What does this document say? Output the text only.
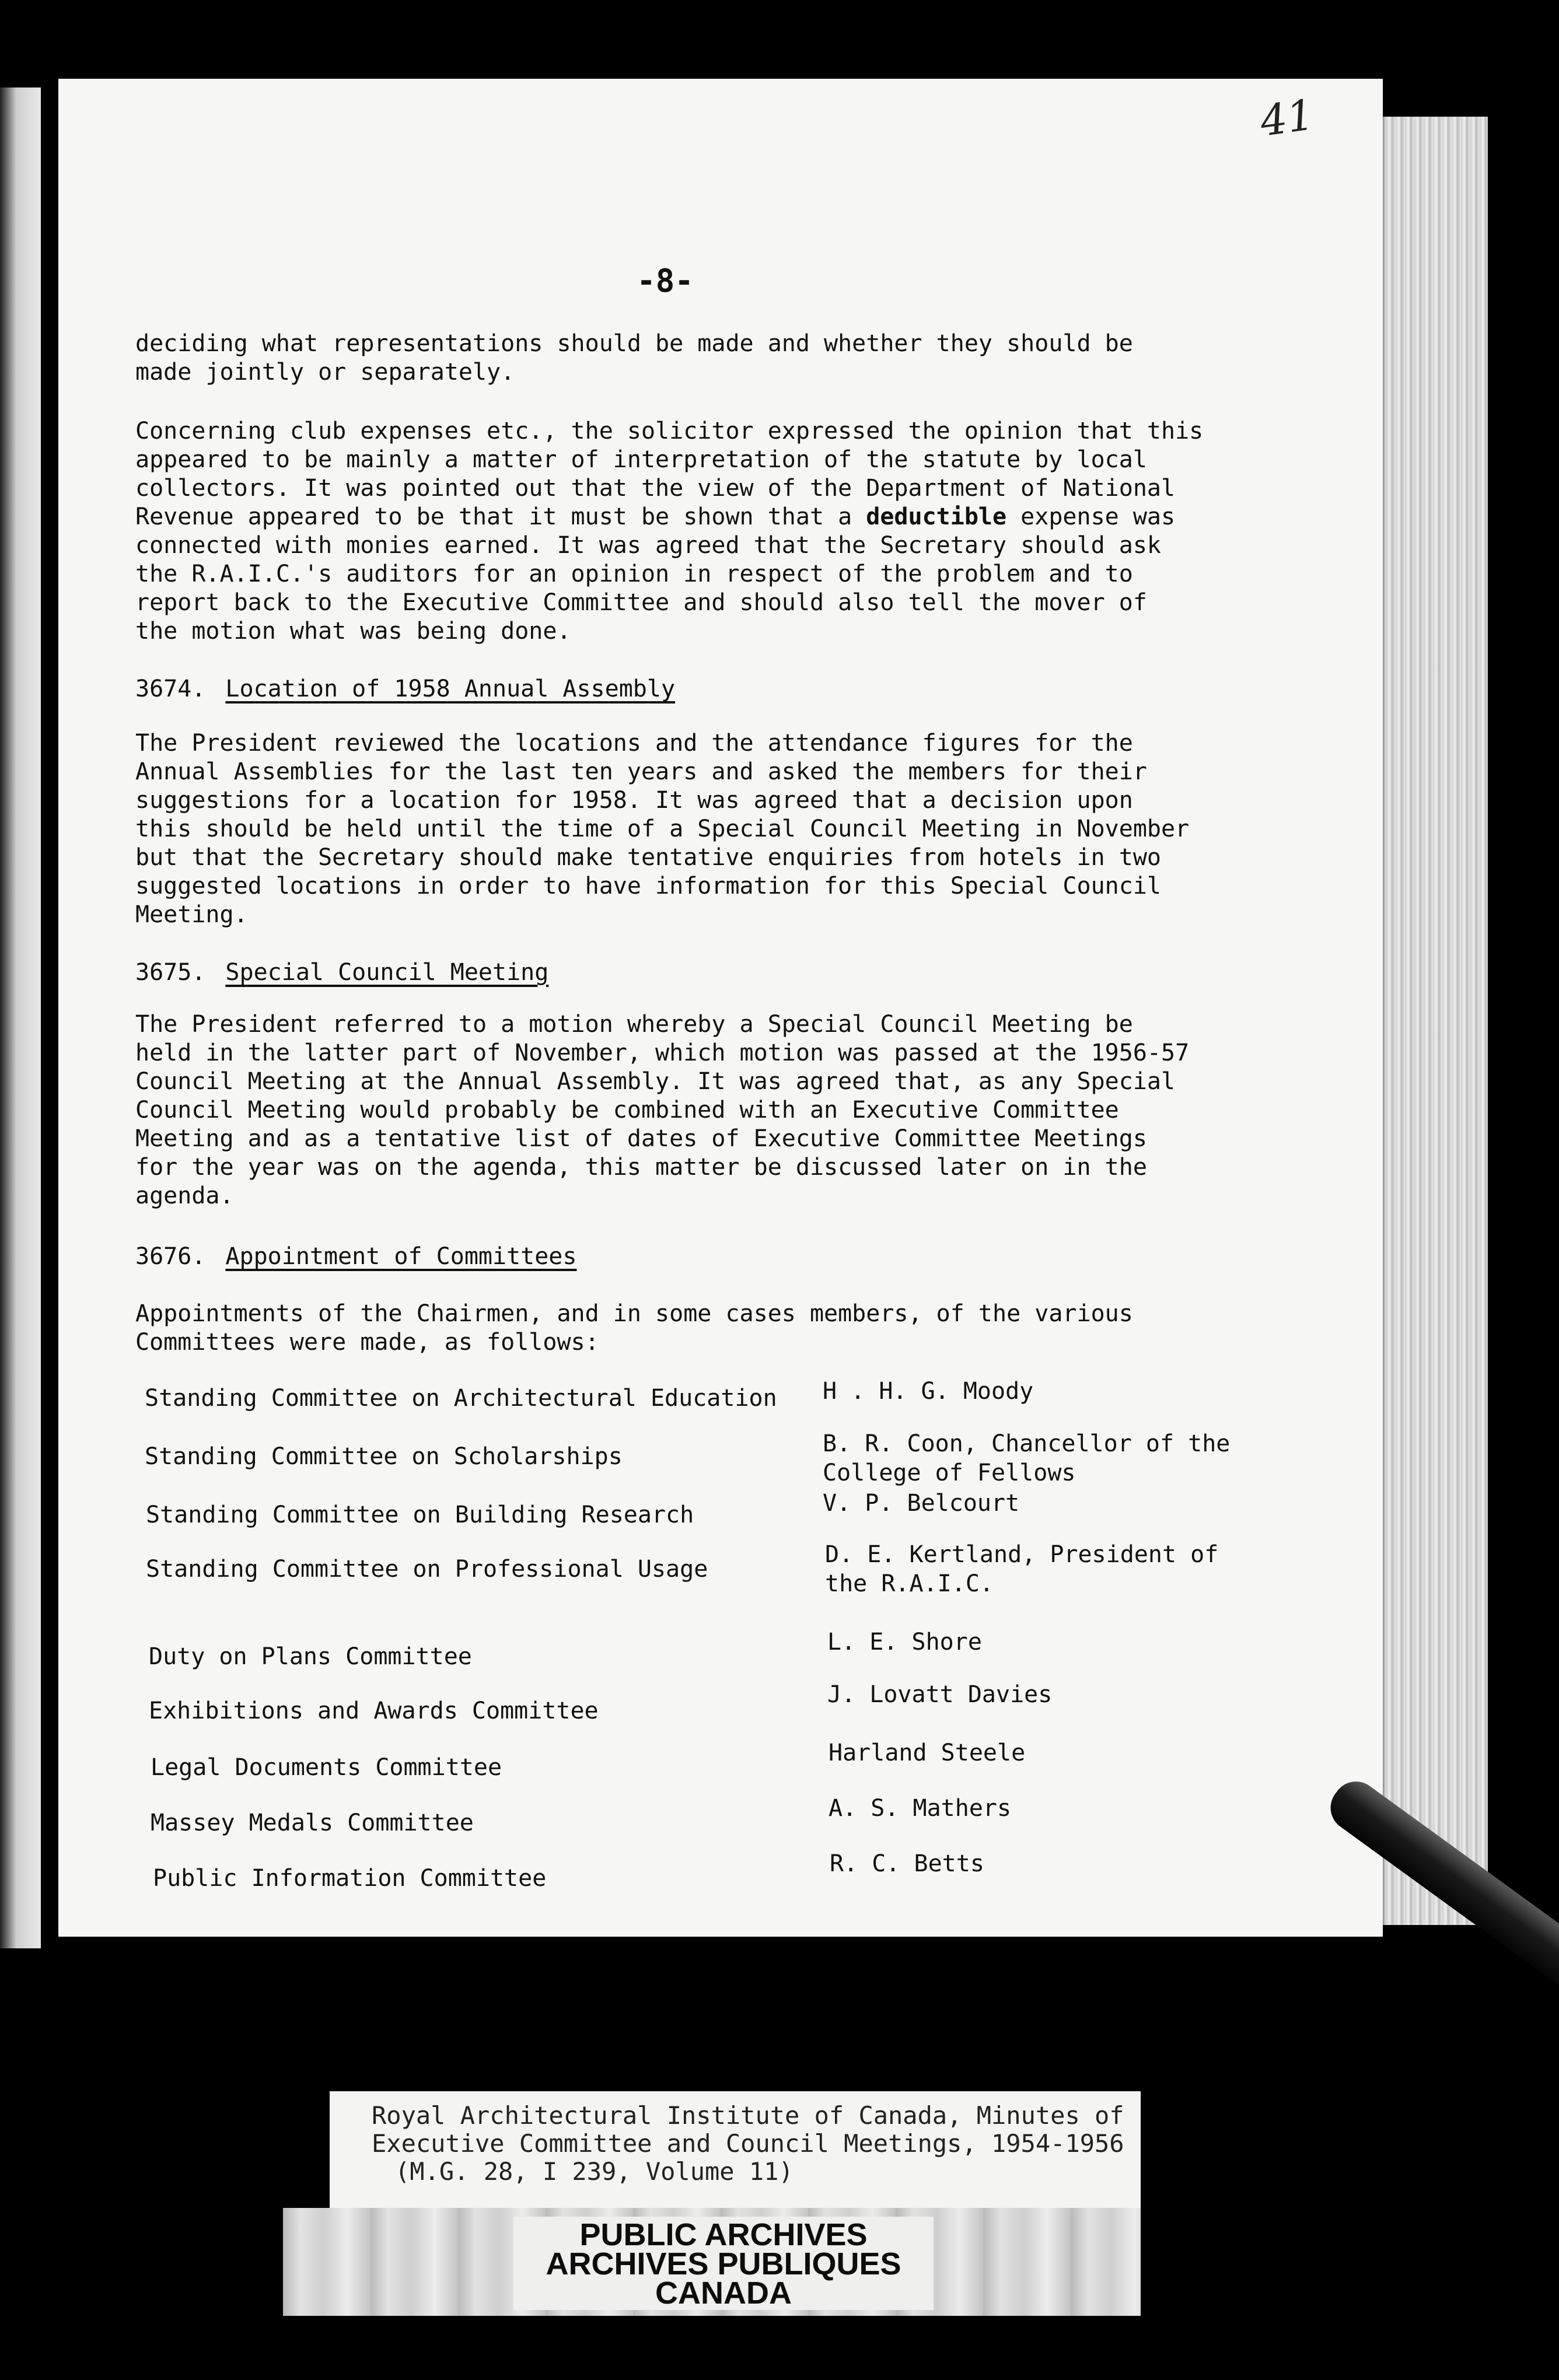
41
-8-

deciding what representations should be made and whether they should be

made jointly or separately.

Concerning club expenses etc., the solicitor expressed the opinion that this

appeared to be mainly a matter of interpretation of the statute by local

collectors. It was pointed out that the view of the Department of National

Revenue appeared to be that it must be shown that a deductible expense was

connected with monies earned. It was agreed that the Secretary should ask

the R.A.I.C.'s auditors for an opinion in respect of the problem and to

report back to the Executive Committee and should also tell the mover of

the motion what was being done.

3674. Location of 1958 Annual Assembly

The President reviewed the locations and the attendance figures for the

Annual Assemblies for the last ten years and asked the members for their

suggestions for a location for 1958. It was agreed that a decision upon

this should be held until the time of a Special Council Meeting in November

but that the Secretary should make tentative enquiries from hotels in two

suggested locations in order to have information for this Special Council

Meeting.

3675. Special Council Meeting

The President referred to a motion whereby a Special Council Meeting be

held in the latter part of November, which motion was passed at the 1956-57

Council Meeting at the Annual Assembly. It was agreed that, as any Special

Council Meeting would probably be combined with an Executive Committee

Meeting and as a tentative list of dates of Executive Committee Meetings

for the year was on the agenda, this matter be discussed later on in the

agenda.

3676. Appointment of Committees

Appointments of the Chairmen, and in some cases members, of the various

Committees were made, as follows:

Standing Committee on Architectural Education H . H. G. Moody
Standing Committee on Scholarships	B. R. Coon, Chancellor of the College of Fellows
Standing Committee on Building Research	V. P. Belcourt
Standing Committee on Professional Usage
D. E. Kertland, President of the R.A.I.C.
Duty on Plans Committee
L. E. Shore
Exhibitions and Awards Committee
J. Lovatt Davies
Legal Documents Committee
Harland Steele
Massey Medals Committee
A. S. Mathers
Public Information Committee
R. C. Betts
Royal Architectural Institute of Canada, Minutes of
Executive Committee and Council Meetings, 1954-1956
(M.G. 28, I 239, Volume 11)
PUBLIC ARCHIVES
ARCHIVES PUBLIQUES
CANADA
